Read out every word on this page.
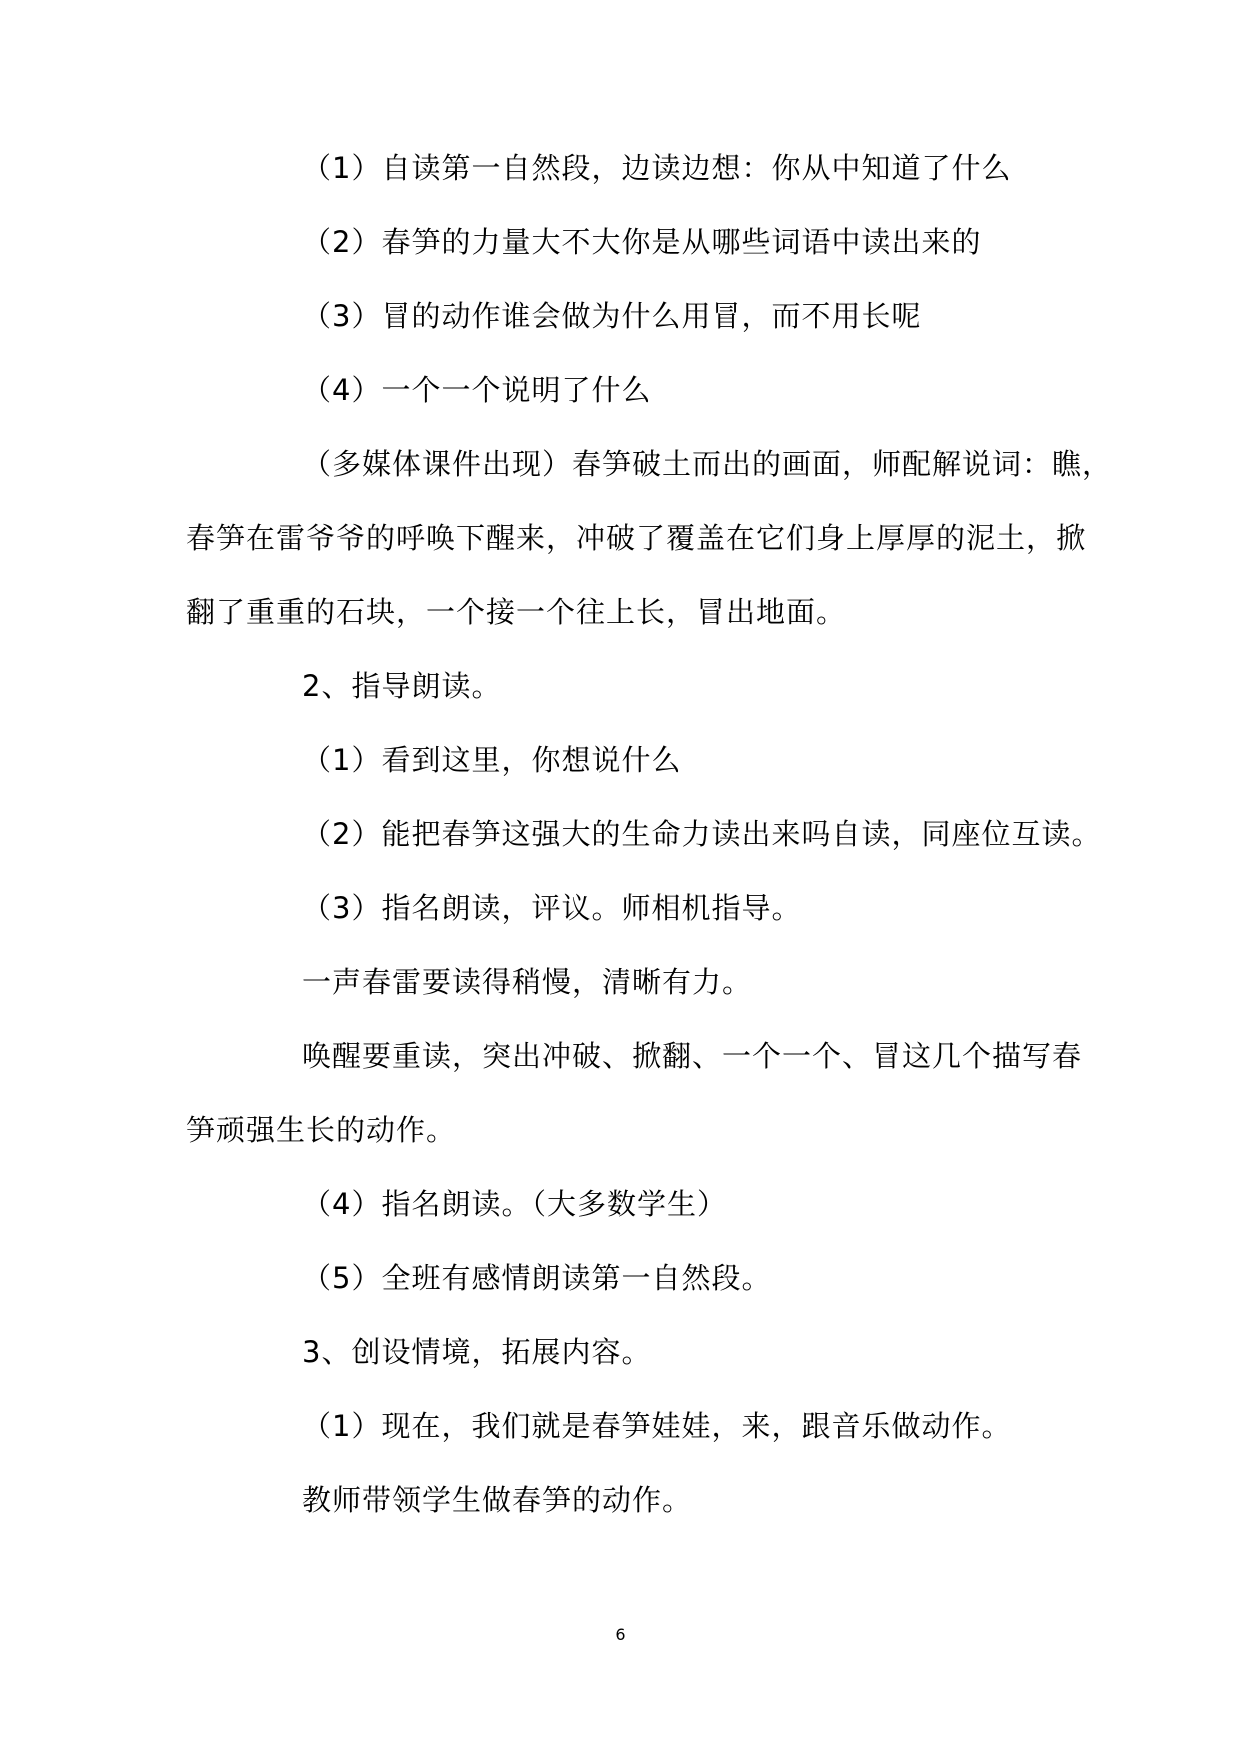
（1）自读第一自然段，边读边想：你从中知道了什么
（2）春笋的力量大不大你是从哪些词语中读出来的
（3）冒的动作谁会做为什么用冒，而不用长呢
（4）一个一个说明了什么
（多媒体课件出现）春笋破土而出的画面，师配解说词：瞧，
春笋在雷爷爷的呼唤下醒来，冲破了覆盖在它们身上厚厚的泥土，掀
翻了重重的石块，一个接一个往上长，冒出地面。
2、指导朗读。
（1）看到这里，你想说什么
（2）能把春笋这强大的生命力读出来吗自读，同座位互读。
（3）指名朗读，评议。师相机指导。
一声春雷要读得稍慢，清晰有力。
唤醒要重读，突出冲破、掀翻、一个一个、冒这几个描写春
笋顽强生长的动作。
（4）指名朗读。（大多数学生）
（5）全班有感情朗读第一自然段。
3、创设情境，拓展内容。
（1）现在，我们就是春笋娃娃，来，跟音乐做动作。
教师带领学生做春笋的动作。
6
